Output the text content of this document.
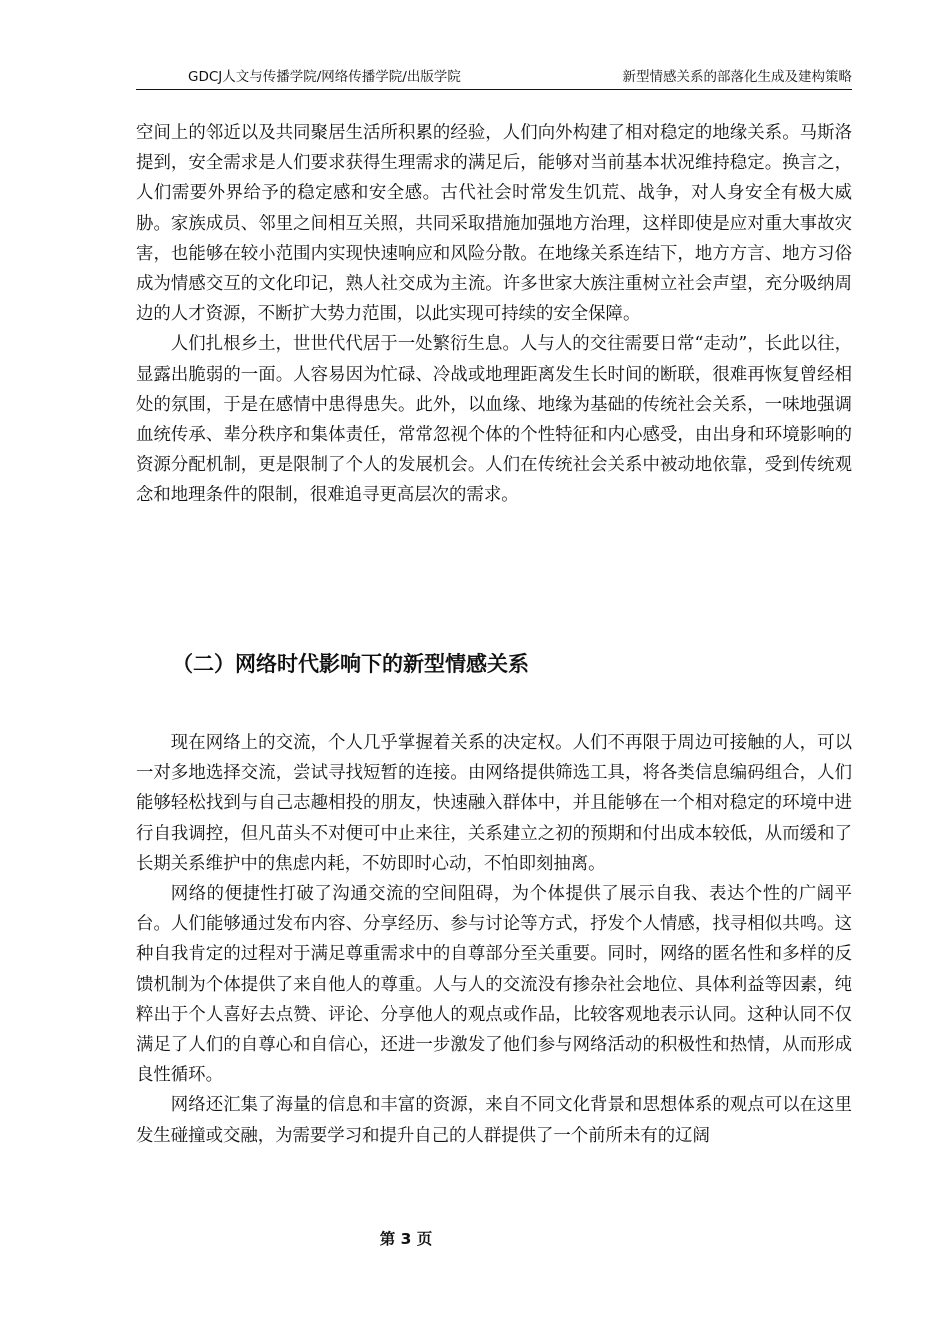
GDCJ人文与传播学院/网络传播学院/出版学院	新型情感关系的部落化生成及建构策略

空间上的邻近以及共同聚居生活所积累的经验，人们向外构建了相对稳定的地缘关系。马斯洛提到，安全需求是人们要求获得生理需求的满足后，能够对当前基本状况维持稳定。换言之，人们需要外界给予的稳定感和安全感。古代社会时常发生饥荒、战争，对人身安全有极大威胁。家族成员、邻里之间相互关照，共同采取措施加强地方治理，这样即使是应对重大事故灾害，也能够在较小范围内实现快速响应和风险分散。在地缘关系连结下，地方方言、地方习俗成为情感交互的文化印记，熟人社交成为主流。许多世家大族注重树立社会声望，充分吸纳周边的人才资源，不断扩大势力范围，以此实现可持续的安全保障。

人们扎根乡土，世世代代居于一处繁衍生息。人与人的交往需要日常“走动”，长此以往，显露出脆弱的一面。人容易因为忙碌、冷战或地理距离发生长时间的断联，很难再恢复曾经相处的氛围，于是在感情中患得患失。此外，以血缘、地缘为基础的传统社会关系，一味地强调血统传承、辈分秩序和集体责任，常常忽视个体的个性特征和内心感受，由出身和环境影响的资源分配机制，更是限制了个人的发展机会。人们在传统社会关系中被动地依靠，受到传统观念和地理条件的限制，很难追寻更高层次的需求。

（二）网络时代影响下的新型情感关系

现在网络上的交流，个人几乎掌握着关系的决定权。人们不再限于周边可接触的人，可以一对多地选择交流，尝试寻找短暂的连接。由网络提供筛选工具，将各类信息编码组合，人们能够轻松找到与自己志趣相投的朋友，快速融入群体中，并且能够在一个相对稳定的环境中进行自我调控，但凡苗头不对便可中止来往，关系建立之初的预期和付出成本较低，从而缓和了长期关系维护中的焦虑内耗，不妨即时心动，不怕即刻抽离。

网络的便捷性打破了沟通交流的空间阻碍，为个体提供了展示自我、表达个性的广阔平台。人们能够通过发布内容、分享经历、参与讨论等方式，抒发个人情感，找寻相似共鸣。这种自我肯定的过程对于满足尊重需求中的自尊部分至关重要。同时，网络的匿名性和多样的反馈机制为个体提供了来自他人的尊重。人与人的交流没有掺杂社会地位、具体利益等因素，纯粹出于个人喜好去点赞、评论、分享他人的观点或作品，比较客观地表示认同。这种认同不仅满足了人们的自尊心和自信心，还进一步激发了他们参与网络活动的积极性和热情，从而形成良性循环。

网络还汇集了海量的信息和丰富的资源，来自不同文化背景和思想体系的观点可以在这里发生碰撞或交融，为需要学习和提升自己的人群提供了一个前所未有的辽阔

第 3 页
